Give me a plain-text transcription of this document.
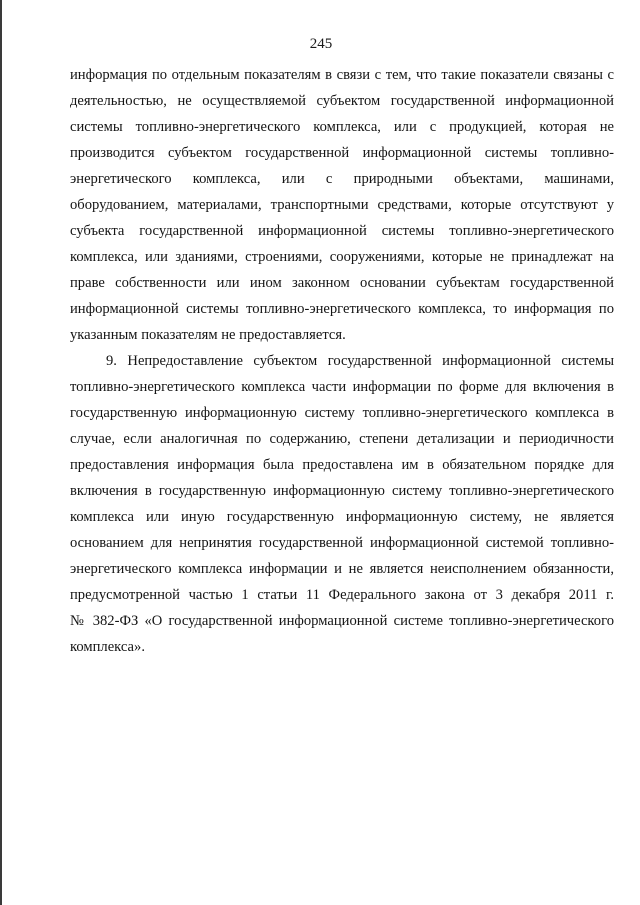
245
информация по отдельным показателям в связи с тем, что такие показатели связаны с
деятельностью, не осуществляемой субъектом государственной информационной
системы топливно-энергетического комплекса, или с продукцией, которая не
производится субъектом государственной информационной системы топливно-
энергетического комплекса, или с природными объектами, машинами,
оборудованием, материалами, транспортными средствами, которые отсутствуют у
субъекта государственной информационной системы топливно-энергетического
комплекса, или зданиями, строениями, сооружениями, которые не принадлежат на
праве собственности или ином законном основании субъектам государственной
информационной системы топливно-энергетического комплекса, то информация по
указанным показателям не предоставляется.
9. Непредоставление субъектом государственной информационной системы
топливно-энергетического комплекса части информации по форме для включения в
государственную информационную систему топливно-энергетического комплекса в
случае, если аналогичная по содержанию, степени детализации и периодичности
предоставления информация была предоставлена им в обязательном порядке для
включения в государственную информационную систему топливно-энергетического
комплекса или иную государственную информационную систему, не является
основанием для непринятия государственной информационной системой топливно-
энергетического комплекса информации и не является неисполнением обязанности,
предусмотренной частью 1 статьи 11 Федерального закона от 3 декабря 2011 г.
№ 382-ФЗ «О государственной информационной системе топливно-энергетического
комплекса».
